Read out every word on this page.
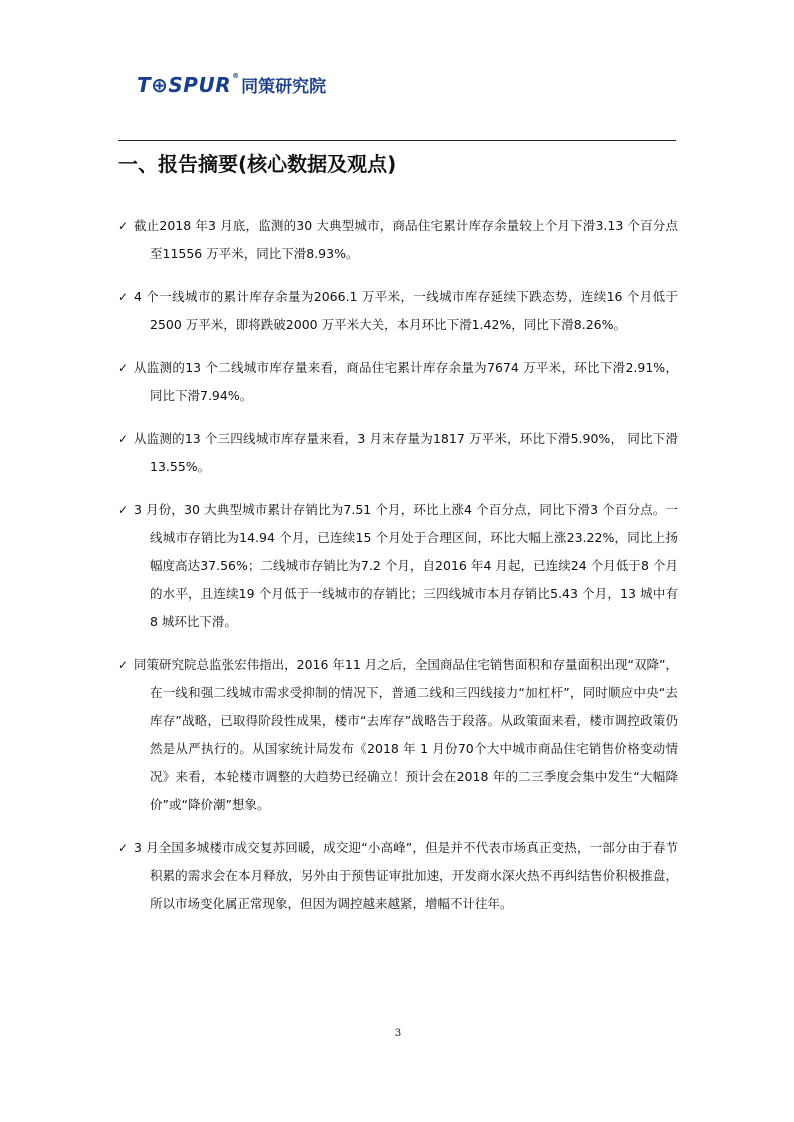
T⊕SPUR ®
同策研究院
一、报告摘要(核心数据及观点)
✓ 截止2018 年3 月底，监测的30 大典型城市，商品住宅累计库存余量较上个月下滑3.13 个百分点至11556 万平米，同比下滑8.93%。
✓ 4 个一线城市的累计库存余量为2066.1 万平米，一线城市库存延续下跌态势，连续16 个月低于2500 万平米，即将跌破2000 万平米大关，本月环比下滑1.42%，同比下滑8.26%。
✓ 从监测的13 个二线城市库存量来看，商品住宅累计库存余量为7674 万平米，环比下滑2.91%，同比下滑7.94%。
✓ 从监测的13 个三四线城市库存量来看，3 月末存量为1817 万平米，环比下滑5.90%， 同比下滑13.55%。
✓ 3 月份，30 大典型城市累计存销比为7.51 个月，环比上涨4 个百分点，同比下滑3 个百分点。一线城市存销比为14.94 个月，已连续15 个月处于合理区间，环比大幅上涨23.22%，同比上扬幅度高达37.56%；二线城市存销比为7.2 个月，自2016 年4 月起，已连续24 个月低于8 个月的水平，且连续19 个月低于一线城市的存销比；三四线城市本月存销比5.43 个月，13 城中有8 城环比下滑。
✓ 同策研究院总监张宏伟指出，2016 年11 月之后，全国商品住宅销售面积和存量面积出现“双降”，在一线和强二线城市需求受抑制的情况下，普通二线和三四线接力“加杠杆”，同时顺应中央“去库存”战略，已取得阶段性成果，楼市“去库存”战略告于段落。从政策面来看，楼市调控政策仍然是从严执行的。从国家统计局发布《2018 年 1 月份70个大中城市商品住宅销售价格变动情况》来看，本轮楼市调整的大趋势已经确立！预计会在2018 年的二三季度会集中发生“大幅降价”或“降价潮”想象。
✓ 3 月全国多城楼市成交复苏回暖，成交迎“小高峰”，但是并不代表市场真正变热，一部分由于春节积累的需求会在本月释放，另外由于预售证审批加速，开发商水深火热不再纠结售价积极推盘，所以市场变化属正常现象，但因为调控越来越紧，增幅不计往年。
3
